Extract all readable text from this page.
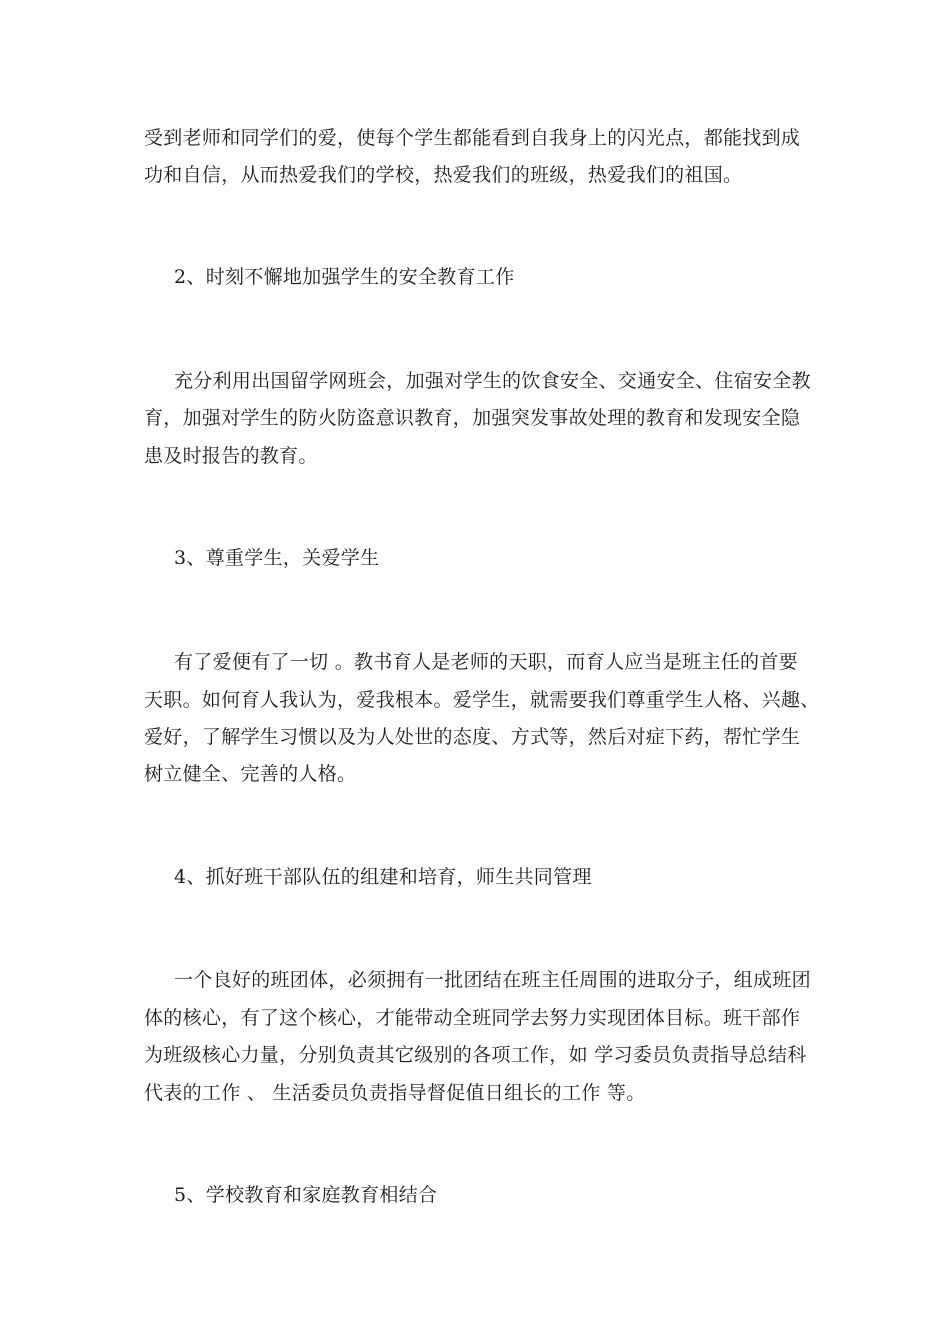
受到老师和同学们的爱，使每个学生都能看到自我身上的闪光点，都能找到成

功和自信，从而热爱我们的学校，热爱我们的班级，热爱我们的祖国。

2、时刻不懈地加强学生的安全教育工作

充分利用出国留学网班会，加强对学生的饮食安全、交通安全、住宿安全教

育，加强对学生的防火防盗意识教育，加强突发事故处理的教育和发现安全隐

患及时报告的教育。

3、尊重学生，关爱学生

有了爱便有了一切 。教书育人是老师的天职，而育人应当是班主任的首要

天职。如何育人我认为，爱我根本。爱学生，就需要我们尊重学生人格、兴趣、

爱好，了解学生习惯以及为人处世的态度、方式等，然后对症下药，帮忙学生

树立健全、完善的人格。

4、抓好班干部队伍的组建和培育，师生共同管理

一个良好的班团体，必须拥有一批团结在班主任周围的进取分子，组成班团

体的核心，有了这个核心，才能带动全班同学去努力实现团体目标。班干部作

为班级核心力量，分别负责其它级别的各项工作，如 学习委员负责指导总结科

代表的工作 、 生活委员负责指导督促值日组长的工作 等。

5、学校教育和家庭教育相结合
